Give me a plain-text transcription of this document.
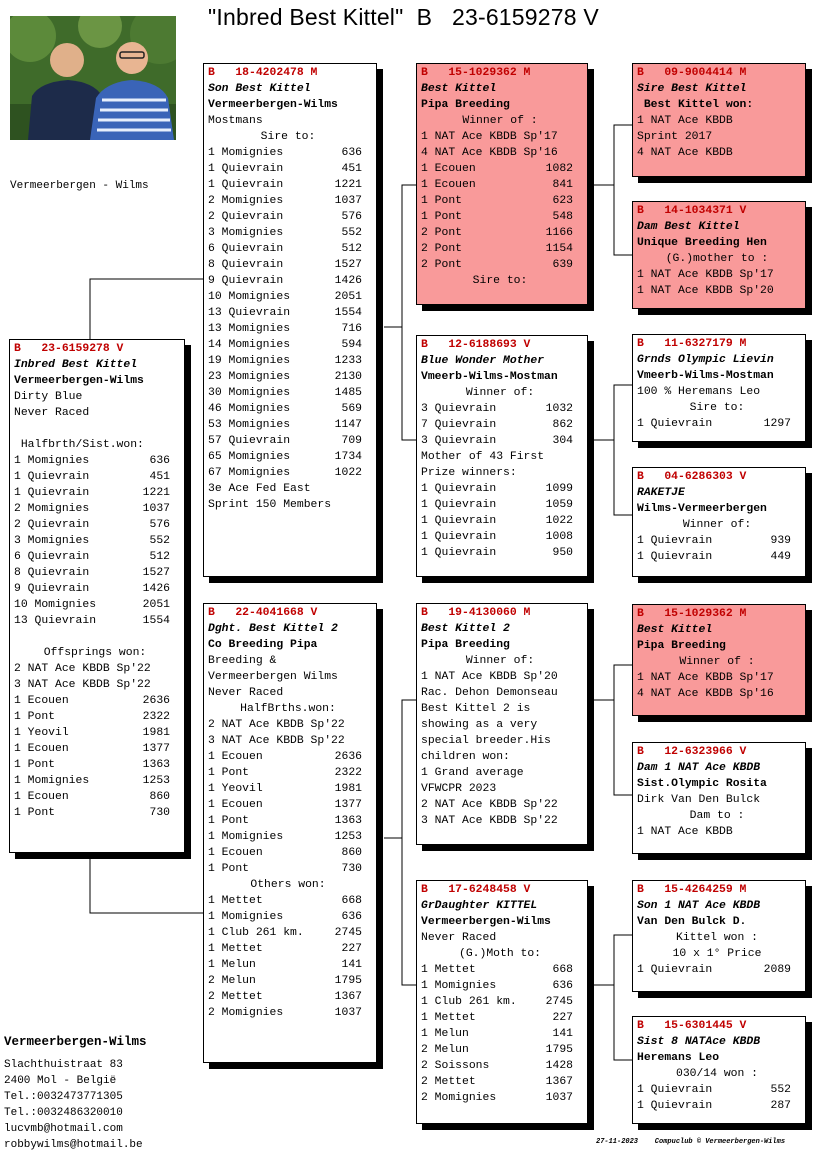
"Inbred Best Kittel"  B   23-6159278 V
Vermeerbergen - Wilms
B   23-6159278 V
Inbred Best Kittel
Vermeerbergen-Wilms
Dirty Blue
Never Raced
Halfbrth/Sist.won:
1 Momignies	636
1 Quievrain	451
1 Quievrain	1221
2 Momignies	1037
2 Quievrain	576
3 Momignies	552
6 Quievrain	512
8 Quievrain	1527
9 Quievrain	1426
10 Momignies	2051
13 Quievrain	1554
Offsprings won:
2 NAT Ace KBDB Sp'22
3 NAT Ace KBDB Sp'22
1 Ecouen	2636
1 Pont	2322
1 Yeovil	1981
1 Ecouen	1377
1 Pont	1363
1 Momignies	1253
1 Ecouen	860
1 Pont	730
B   18-4202478 M
Son Best Kittel
Vermeerbergen-Wilms
Mostmans
Sire to:
1 Momignies	636
1 Quievrain	451
1 Quievrain	1221
2 Momignies	1037
2 Quievrain	576
3 Momignies	552
6 Quievrain	512
8 Quievrain	1527
9 Quievrain	1426
10 Momignies	2051
13 Quievrain	1554
13 Momignies	716
14 Momignies	594
19 Momignies	1233
23 Momignies	2130
30 Momignies	1485
46 Momignies	569
53 Momignies	1147
57 Quievrain	709
65 Momignies	1734
67 Momignies	1022
3e Ace Fed East
Sprint 150 Members
B   22-4041668 V
Dght. Best Kittel 2
Co Breeding Pipa
Breeding &
Vermeerbergen Wilms
Never Raced
HalfBrths.won:
2 NAT Ace KBDB Sp'22
3 NAT Ace KBDB Sp'22
1 Ecouen	2636
1 Pont	2322
1 Yeovil	1981
1 Ecouen	1377
1 Pont	1363
1 Momignies	1253
1 Ecouen	860
1 Pont	730
Others won:
1 Mettet	668
1 Momignies	636
1 Club 261 km.	2745
1 Mettet	227
1 Melun	141
2 Melun	1795
2 Mettet	1367
2 Momignies	1037
B   15-1029362 M
Best Kittel
Pipa Breeding
Winner of :
1 NAT Ace KBDB Sp'17
4 NAT Ace KBDB Sp'16
1 Ecouen	1082
1 Ecouen	841
1 Pont	623
1 Pont	548
2 Pont	1166
2 Pont	1154
2 Pont	639
Sire to:
B   12-6188693 V
Blue Wonder Mother
Vmeerb-Wilms-Mostman
Winner of:
3 Quievrain	1032
7 Quievrain	862
3 Quievrain	304
Mother of 43 First
Prize winners:
1 Quievrain	1099
1 Quievrain	1059
1 Quievrain	1022
1 Quievrain	1008
1 Quievrain	950
B   19-4130060 M
Best Kittel 2
Pipa Breeding
Winner of:
1 NAT Ace KBDB Sp'20
Rac. Dehon Demonseau
Best Kittel 2 is
showing as a very
special breeder.His
children won:
1 Grand average
VFWCPR 2023
2 NAT Ace KBDB Sp'22
3 NAT Ace KBDB Sp'22
B   17-6248458 V
GrDaughter KITTEL
Vermeerbergen-Wilms
Never Raced
(G.)Moth to:
1 Mettet	668
1 Momignies	636
1 Club 261 km.	2745
1 Mettet	227
1 Melun	141
2 Melun	1795
2 Soissons	1428
2 Mettet	1367
2 Momignies	1037
B   09-9004414 M
Sire Best Kittel
Best Kittel won:
1 NAT Ace KBDB
Sprint 2017
4 NAT Ace KBDB
B   14-1034371 V
Dam Best Kittel
Unique Breeding Hen
(G.)mother to :
1 NAT Ace KBDB Sp'17
1 NAT Ace KBDB Sp'20
B   11-6327179 M
Grnds Olympic Lievin
Vmeerb-Wilms-Mostman
100 % Heremans Leo
Sire to:
1 Quievrain	1297
B   04-6286303 V
RAKETJE
Wilms-Vermeerbergen
Winner of:
1 Quievrain	939
1 Quievrain	449
B   15-1029362 M
Best Kittel
Pipa Breeding
Winner of :
1 NAT Ace KBDB Sp'17
4 NAT Ace KBDB Sp'16
B   12-6323966 V
Dam 1 NAT Ace KBDB
Sist.Olympic Rosita
Dirk Van Den Bulck
Dam to :
1 NAT Ace KBDB
B   15-4264259 M
Son 1 NAT Ace KBDB
Van Den Bulck D.
Kittel won :
10 x 1° Price
1 Quievrain	2089
B   15-6301445 V
Sist 8 NATAce KBDB
Heremans Leo
030/14 won :
1 Quievrain	552
1 Quievrain	287
Vermeerbergen-Wilms
Slachthuistraat 83
2400 Mol - België
Tel.:0032473771305
Tel.:0032486320010
lucvmb@hotmail.com
robbywilms@hotmail.be	27-11-2023    Compuclub © Vermeerbergen-Wilms
